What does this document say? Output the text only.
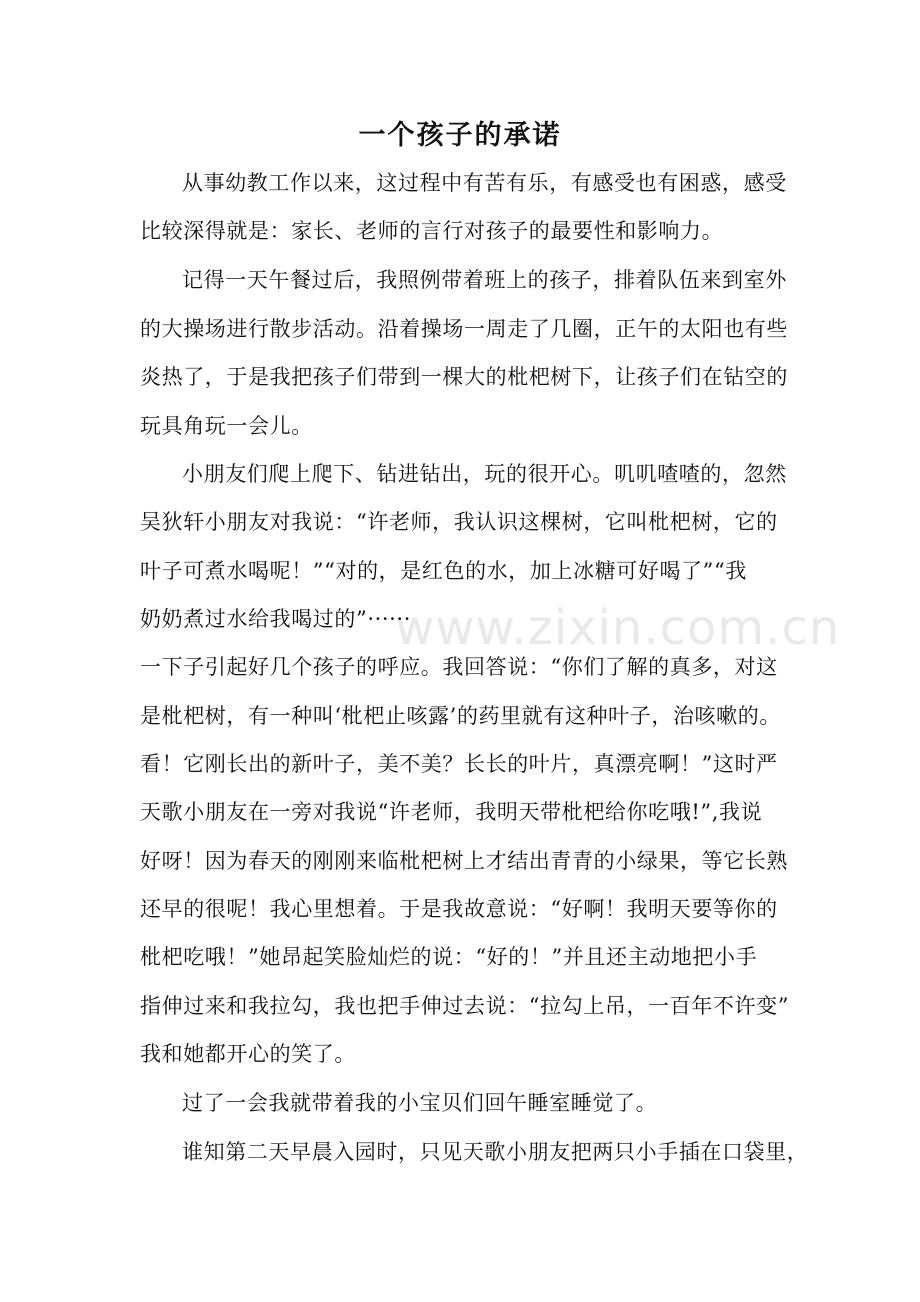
www.zixin.com.cn
一个孩子的承诺

从事幼教工作以来，这过程中有苦有乐，有感受也有困惑，感受

比较深得就是：家长、老师的言行对孩子的最要性和影响力。

记得一天午餐过后，我照例带着班上的孩子，排着队伍来到室外

的大操场进行散步活动。沿着操场一周走了几圈，正午的太阳也有些

炎热了，于是我把孩子们带到一棵大的枇杷树下，让孩子们在钻空的

玩具角玩一会儿。

小朋友们爬上爬下、钻进钻出，玩的很开心。叽叽喳喳的，忽然

吴狄轩小朋友对我说：“许老师，我认识这棵树，它叫枇杷树，它的

叶子可煮水喝呢！”“对的，是红色的水，加上冰糖可好喝了”“我

奶奶煮过水给我喝过的”······

一下子引起好几个孩子的呼应。我回答说：“你们了解的真多，对这

是枇杷树，有一种叫‘枇杷止咳露’的药里就有这种叶子，治咳嗽的。

看！它刚长出的新叶子，美不美？长长的叶片，真漂亮啊！”这时严

天歌小朋友在一旁对我说“许老师，我明天带枇杷给你吃哦!”,我说

好呀！因为春天的刚刚来临枇杷树上才结出青青的小绿果，等它长熟

还早的很呢！我心里想着。于是我故意说：“好啊！我明天要等你的

枇杷吃哦！”她昂起笑脸灿烂的说：“好的！”并且还主动地把小手

指伸过来和我拉勾，我也把手伸过去说：“拉勾上吊，一百年不许变”

我和她都开心的笑了。

过了一会我就带着我的小宝贝们回午睡室睡觉了。

谁知第二天早晨入园时，只见天歌小朋友把两只小手插在口袋里，
